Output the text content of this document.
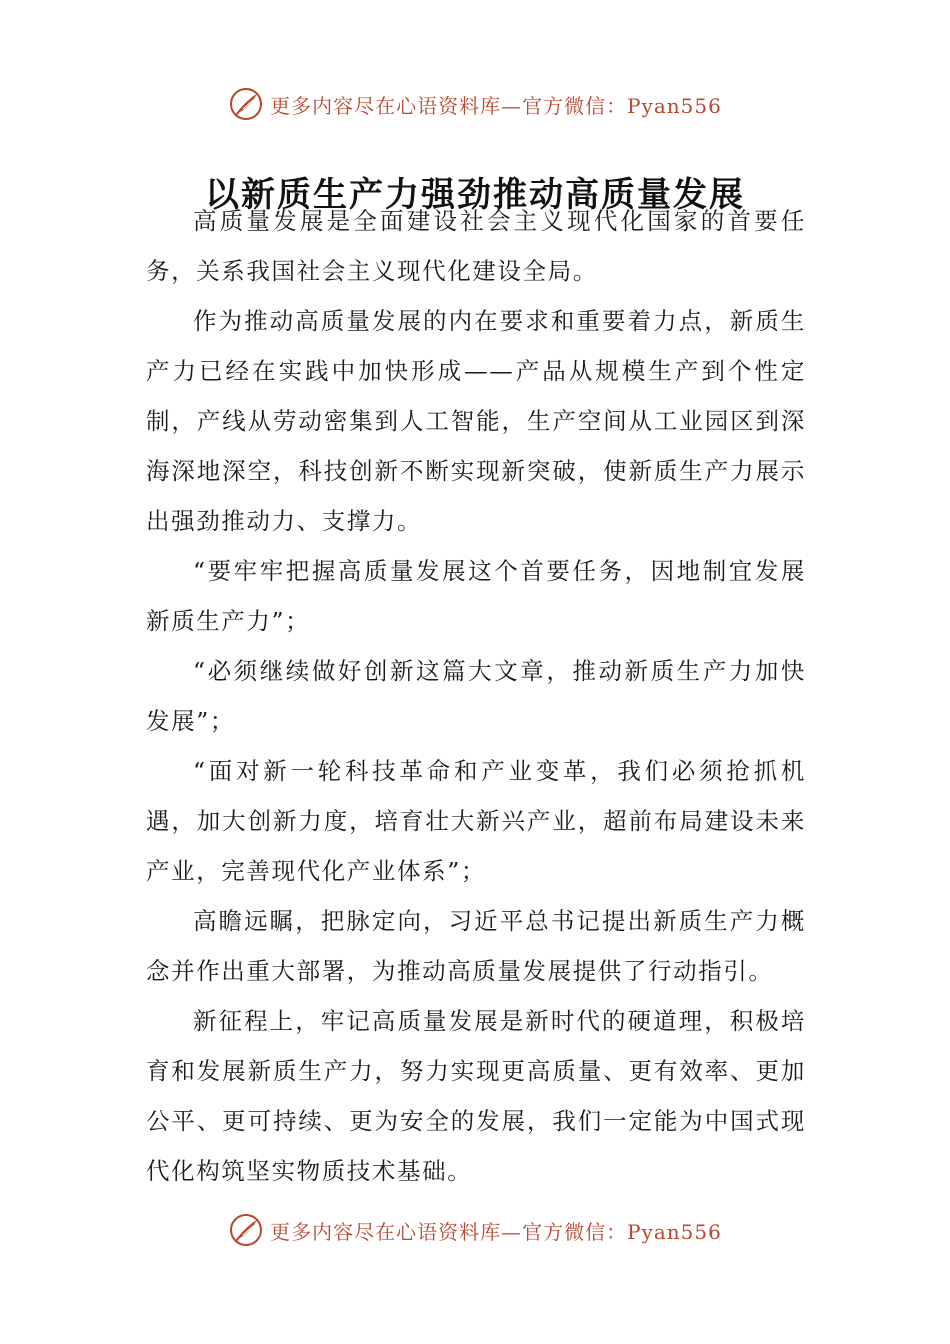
更多内容尽在心语资料库—官方微信：Pyan556
以新质生产力强劲推动高质量发展

高质量发展是全面建设社会主义现代化国家的首要任务，关系我国社会主义现代化建设全局。

作为推动高质量发展的内在要求和重要着力点，新质生产力已经在实践中加快形成——产品从规模生产到个性定制，产线从劳动密集到人工智能，生产空间从工业园区到深海深地深空，科技创新不断实现新突破，使新质生产力展示出强劲推动力、支撑力。

“要牢牢把握高质量发展这个首要任务，因地制宜发展新质生产力”；

“必须继续做好创新这篇大文章，推动新质生产力加快发展”；

“面对新一轮科技革命和产业变革，我们必须抢抓机遇，加大创新力度，培育壮大新兴产业，超前布局建设未来产业，完善现代化产业体系”；

高瞻远瞩，把脉定向，习近平总书记提出新质生产力概念并作出重大部署，为推动高质量发展提供了行动指引。

新征程上，牢记高质量发展是新时代的硬道理，积极培育和发展新质生产力，努力实现更高质量、更有效率、更加公平、更可持续、更为安全的发展，我们一定能为中国式现代化构筑坚实物质技术基础。

更多内容尽在心语资料库—官方微信：Pyan556
